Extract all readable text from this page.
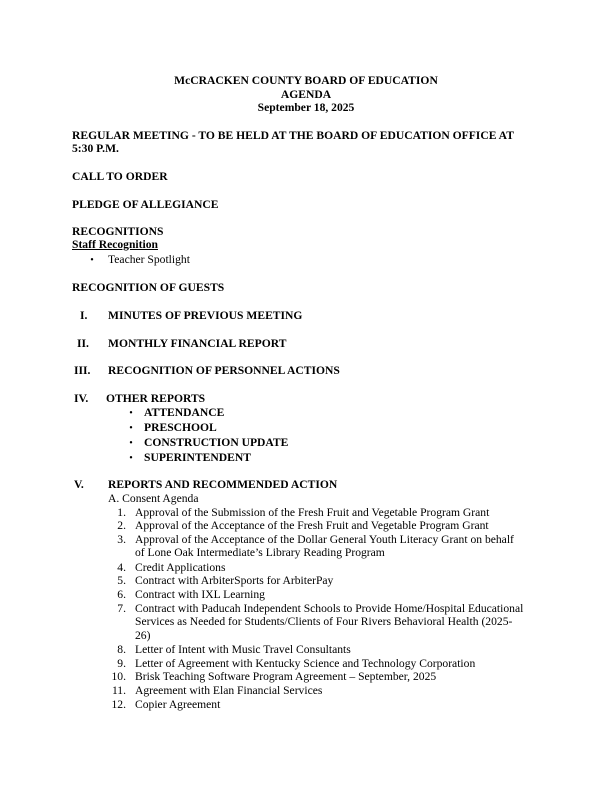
McCRACKEN COUNTY BOARD OF EDUCATION
AGENDA
September 18, 2025
REGULAR MEETING - TO BE HELD AT THE BOARD OF EDUCATION OFFICE AT
5:30 P.M.
CALL TO ORDER
PLEDGE OF ALLEGIANCE
RECOGNITIONS
Staff Recognition
• Teacher Spotlight
RECOGNITION OF GUESTS
I. MINUTES OF PREVIOUS MEETING
II. MONTHLY FINANCIAL REPORT
III. RECOGNITION OF PERSONNEL ACTIONS
IV. OTHER REPORTS
• ATTENDANCE
• PRESCHOOL
• CONSTRUCTION UPDATE
• SUPERINTENDENT
V. REPORTS AND RECOMMENDED ACTION
A. Consent Agenda
1. Approval of the Submission of the Fresh Fruit and Vegetable Program Grant
2. Approval of the Acceptance of the Fresh Fruit and Vegetable Program Grant
3. Approval of the Acceptance of the Dollar General Youth Literacy Grant on behalf
of Lone Oak Intermediate’s Library Reading Program
4. Credit Applications
5. Contract with ArbiterSports for ArbiterPay
6. Contract with IXL Learning
7. Contract with Paducah Independent Schools to Provide Home/Hospital Educational
Services as Needed for Students/Clients of Four Rivers Behavioral Health (2025-
26)
8. Letter of Intent with Music Travel Consultants
9. Letter of Agreement with Kentucky Science and Technology Corporation
10. Brisk Teaching Software Program Agreement – September, 2025
11. Agreement with Elan Financial Services
12. Copier Agreement
